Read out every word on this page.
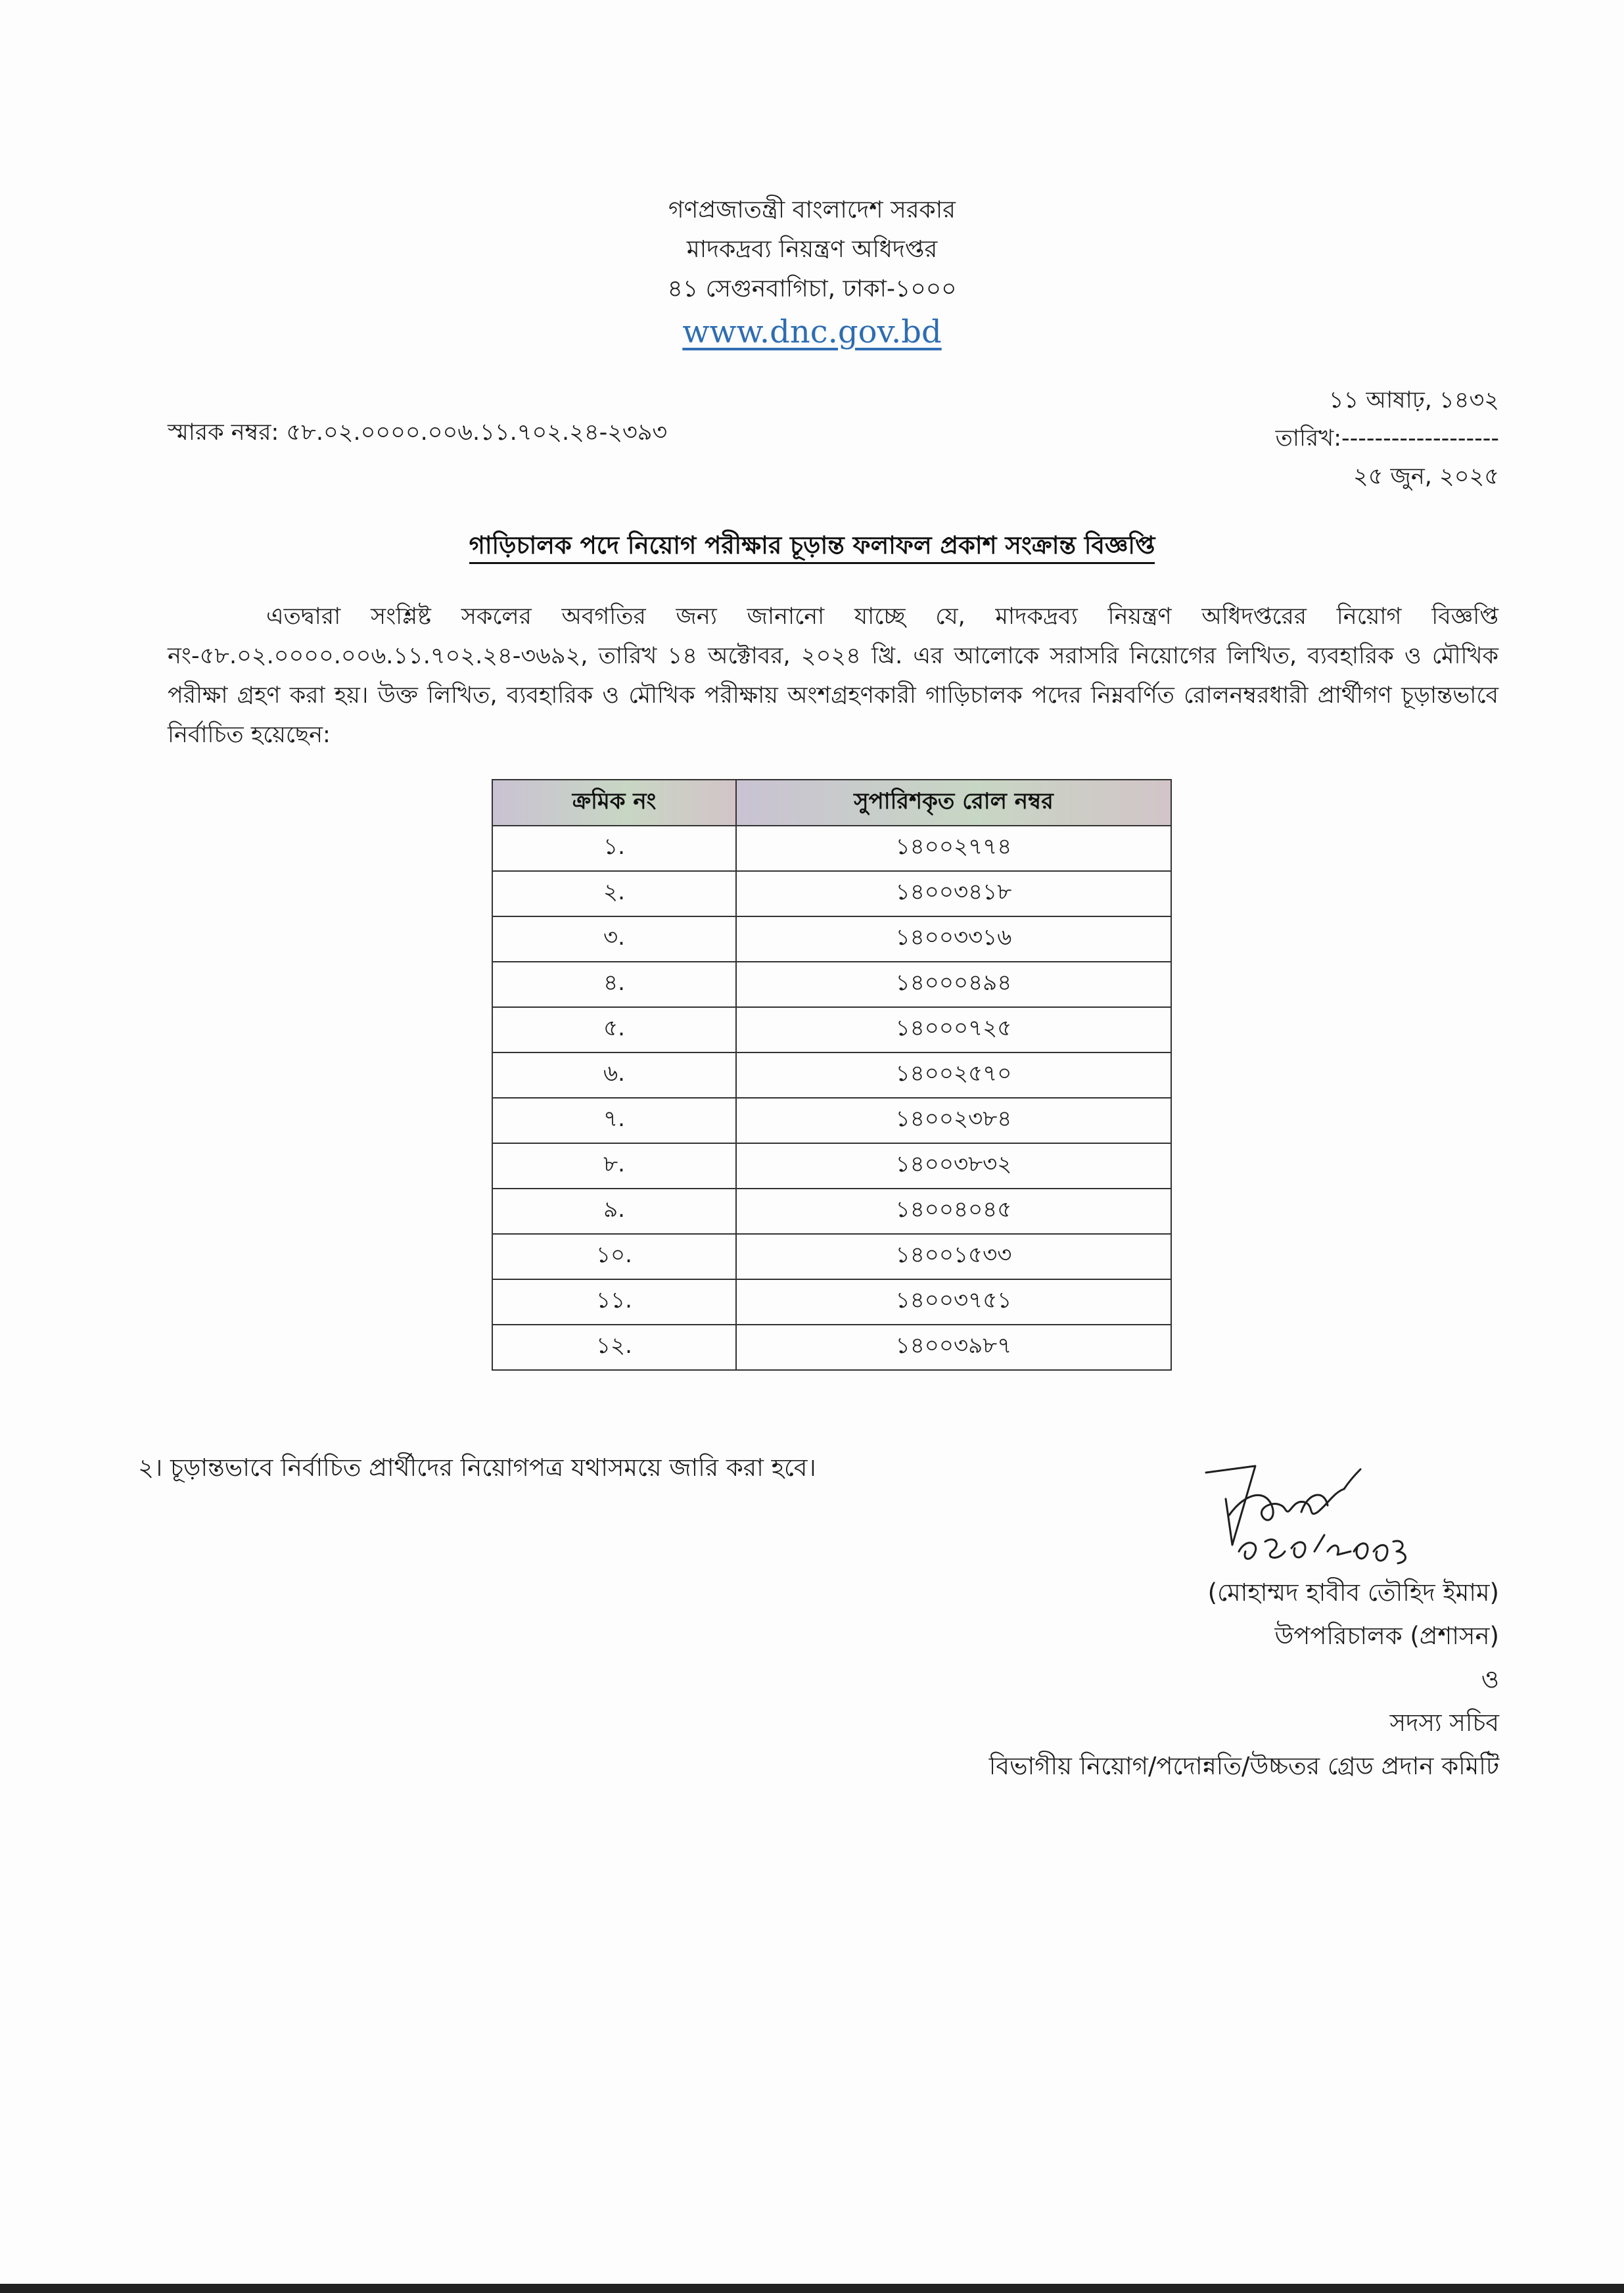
গণপ্রজাতন্ত্রী বাংলাদেশ সরকার
মাদকদ্রব্য নিয়ন্ত্রণ অধিদপ্তর
৪১ সেগুনবাগিচা, ঢাকা-১০০০
www.dnc.gov.bd
স্মারক নম্বর: ৫৮.০২.০০০০.০০৬.১১.৭০২.২৪-২৩৯৩
১১ আষাঢ়, ১৪৩২
তারিখ:-------------------
২৫ জুন, ২০২৫
গাড়িচালক পদে নিয়োগ পরীক্ষার চূড়ান্ত ফলাফল প্রকাশ সংক্রান্ত বিজ্ঞপ্তি
এতদ্বারা সংশ্লিষ্ট সকলের অবগতির জন্য জানানো যাচ্ছে যে, মাদকদ্রব্য নিয়ন্ত্রণ অধিদপ্তরের নিয়োগ বিজ্ঞপ্তি নং-৫৮.০২.০০০০.০০৬.১১.৭০২.২৪-৩৬৯২, তারিখ ১৪ অক্টোবর, ২০২৪ খ্রি. এর আলোকে সরাসরি নিয়োগের লিখিত, ব্যবহারিক ও মৌখিক পরীক্ষা গ্রহণ করা হয়। উক্ত লিখিত, ব্যবহারিক ও মৌখিক পরীক্ষায় অংশগ্রহণকারী গাড়িচালক পদের নিম্নবর্ণিত রোলনম্বরধারী প্রার্থীগণ চূড়ান্তভাবে নির্বাচিত হয়েছেন:
ক্রমিক নং	সুপারিশকৃত রোল নম্বর
১.	১৪০০২৭৭৪
২.	১৪০০৩৪১৮
৩.	১৪০০৩৩১৬
৪.	১৪০০০৪৯৪
৫.	১৪০০০৭২৫
৬.	১৪০০২৫৭০
৭.	১৪০০২৩৮৪
৮.	১৪০০৩৮৩২
৯.	১৪০০৪০৪৫
১০.	১৪০০১৫৩৩
১১.	১৪০০৩৭৫১
১২.	১৪০০৩৯৮৭
২। চূড়ান্তভাবে নির্বাচিত প্রার্থীদের নিয়োগপত্র যথাসময়ে জারি করা হবে।
(মোহাম্মদ হাবীব তৌহিদ ইমাম)
উপপরিচালক (প্রশাসন)
ও
সদস্য সচিব
বিভাগীয় নিয়োগ/পদোন্নতি/উচ্চতর গ্রেড প্রদান কমিটি
